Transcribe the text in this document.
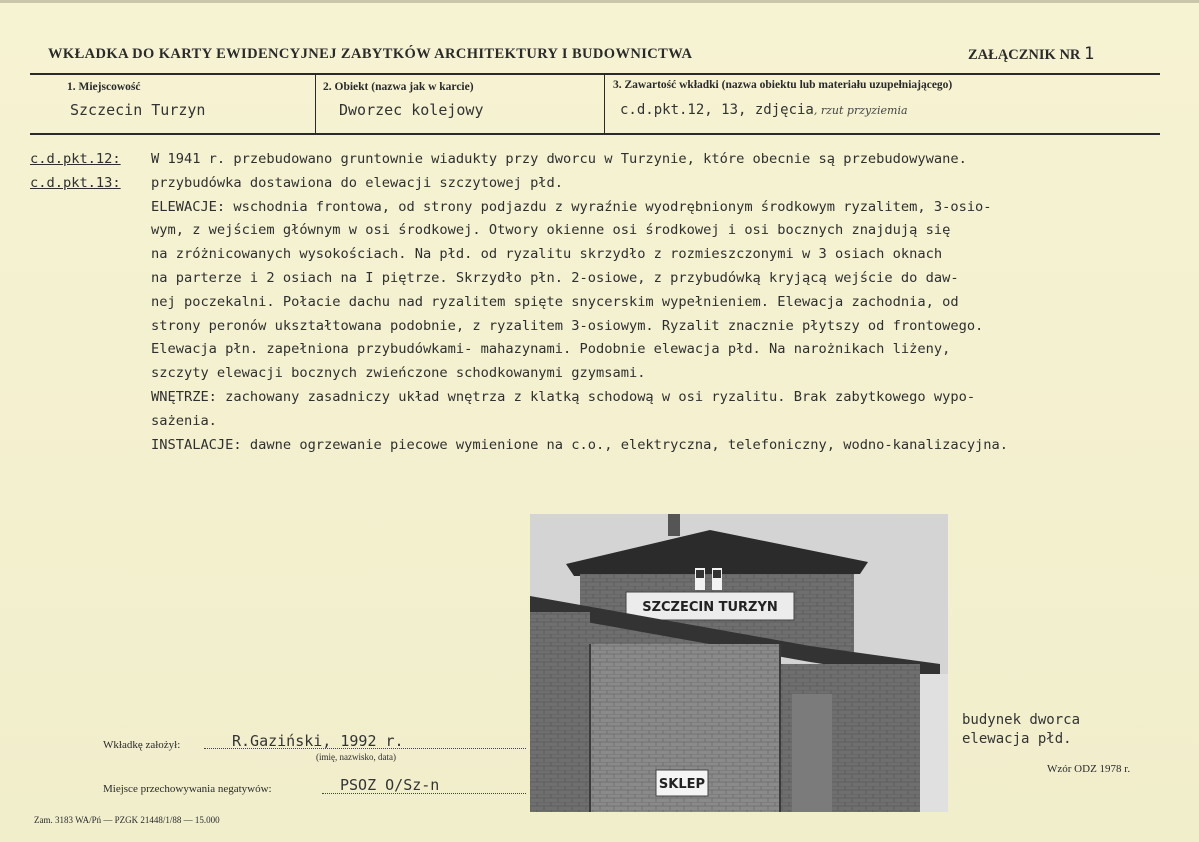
WKŁADKA DO KARTY EWIDENCYJNEJ ZABYTKÓW ARCHITEKTURY I BUDOWNICTWA	ZAŁĄCZNIK NR 1
1. Miejscowość
Szczecin Turzyn
2. Obiekt (nazwa jak w karcie)
Dworzec kolejowy
3. Zawartość wkładki (nazwa obiektu lub materiału uzupełniającego)
c.d.pkt.12, 13, zdjęcia, rzut przyziemia
c.d.pkt.12: W 1941 r. przebudowano gruntownie wiadukty przy dworcu w Turzynie, które obecnie są przebudowywane.
c.d.pkt.13: przybudówka dostawiona do elewacji szczytowej płd.
ELEWACJE: wschodnia frontowa, od strony podjazdu z wyraźnie wyodrębnionym środkowym ryzalitem, 3-osio-
wym, z wejściem głównym w osi środkowej. Otwory okienne osi środkowej i osi bocznych znajdują się
na zróżnicowanych wysokościach. Na płd. od ryzalitu skrzydło z rozmieszczonymi w 3 osiach oknach
na parterze i 2 osiach na I piętrze. Skrzydło płn. 2-osiowe, z przybudówką kryjącą wejście do daw-
nej poczekalni. Połacie dachu nad ryzalitem spięte snycerskim wypełnieniem. Elewacja zachodnia, od
strony peronów ukształtowana podobnie, z ryzalitem 3-osiowym. Ryzalit znacznie płytszy od frontowego.
Elewacja płn. zapełniona przybudówkami- mahazynami. Podobnie elewacja płd. Na narożnikach liżeny,
szczyty elewacji bocznych zwieńczone schodkowanymi gzymsami.
WNĘTRZE: zachowany zasadniczy układ wnętrza z klatką schodową w osi ryzalitu. Brak zabytkowego wypo-
sażenia.
INSTALACJE: dawne ogrzewanie piecowe wymienione na c.o., elektryczna, telefoniczny, wodno-kanalizacyjna.
SZCZECIN TURZYN
SKLEP
budynek dworca
elewacja płd.
Wkładkę założył:	R.Gaziński, 1992 r.
(imię, nazwisko, data)
Miejsce przechowywania negatywów:	PSOZ O/Sz-n
Wzór ODZ 1978 r.
Zam. 3183 WA/Pń — PZGK 21448/1/88 — 15.000
